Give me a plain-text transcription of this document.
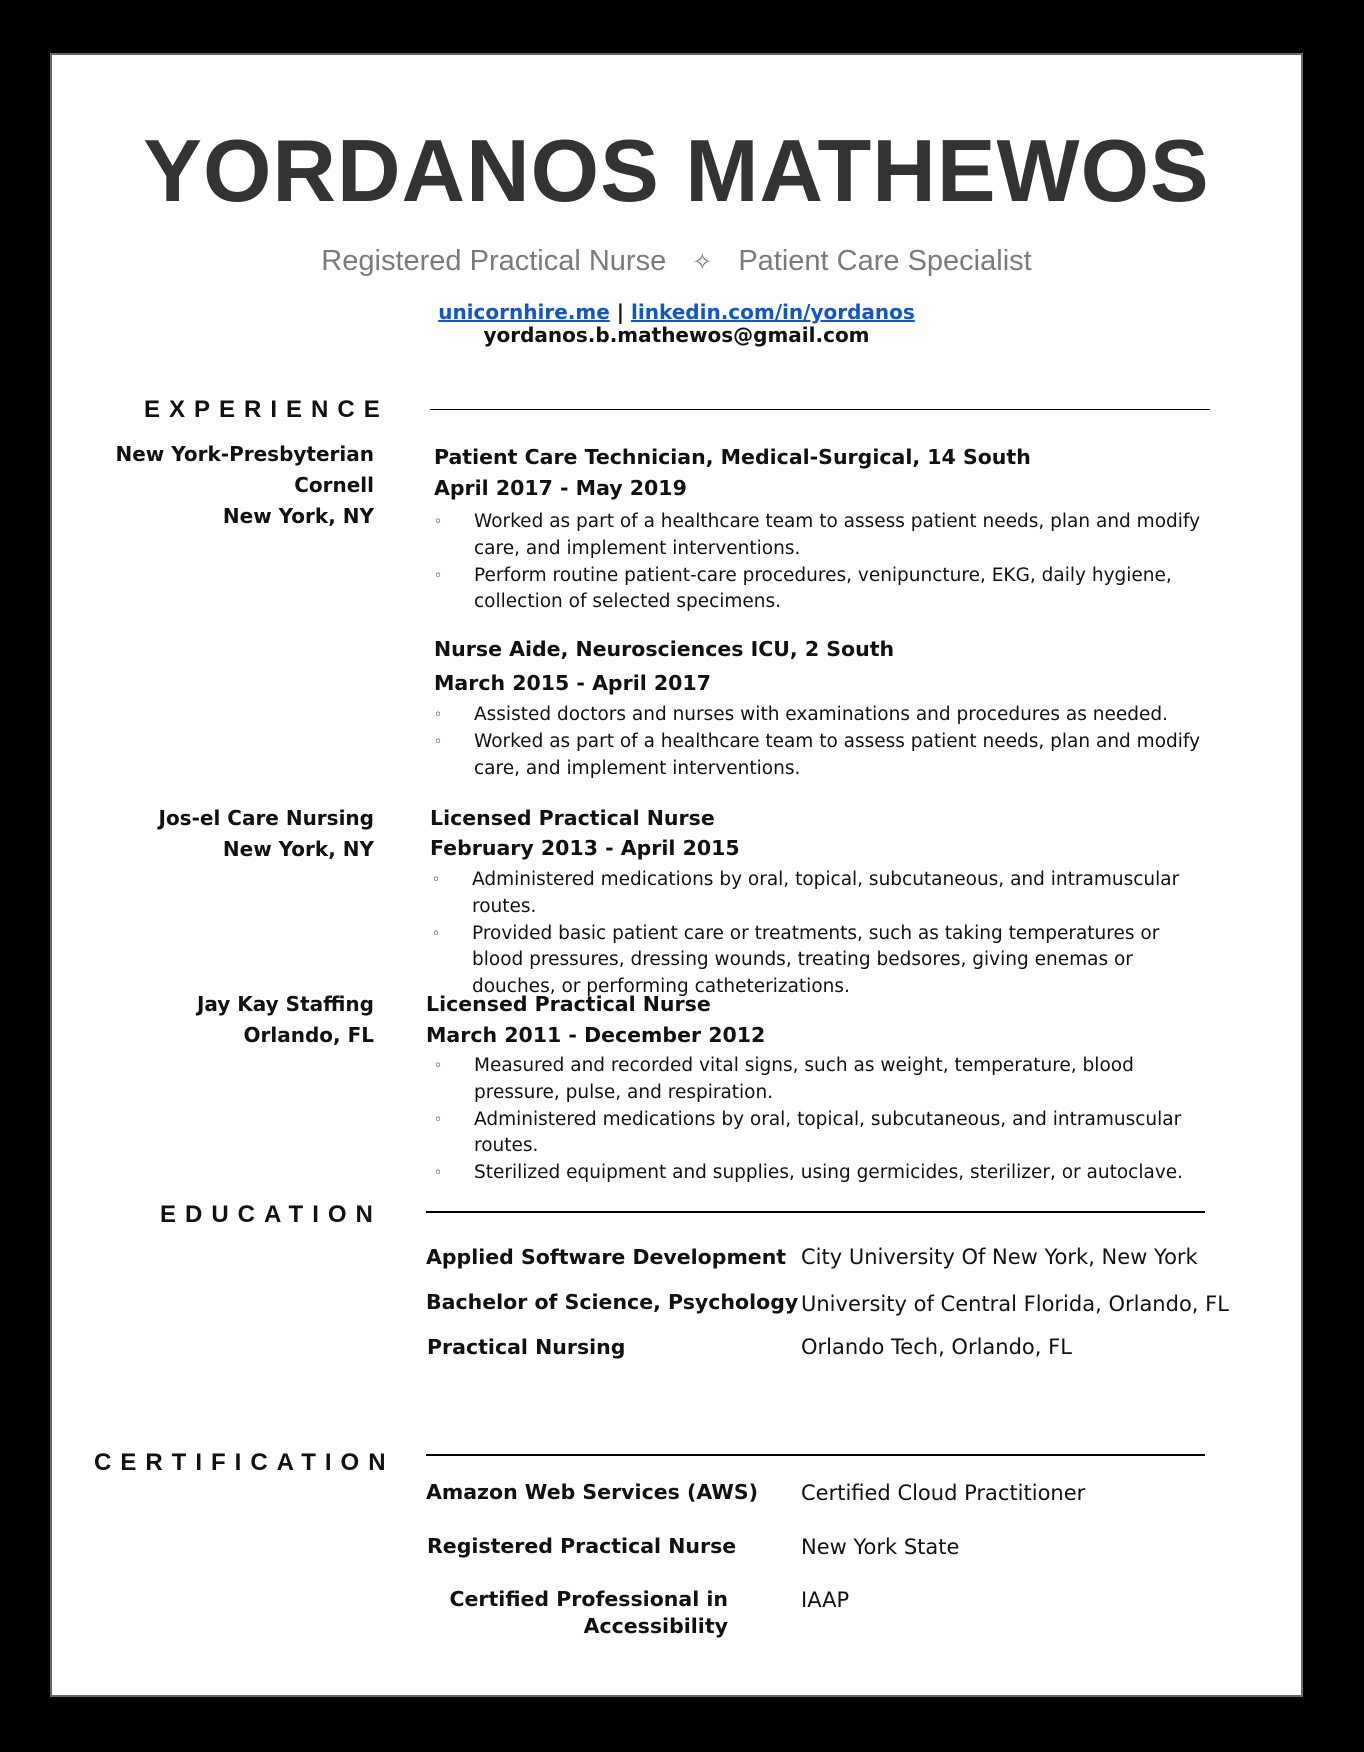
YORDANOS MATHEWOS
Registered Practical Nurse ✧ Patient Care Specialist
unicornhire.me | linkedin.com/in/yordanos
yordanos.b.mathewos@gmail.com
EXPERIENCE
New York-Presbyterian
Cornell
New York, NY
Patient Care Technician, Medical-Surgical, 14 South
April 2017 - May 2019
◦ Worked as part of a healthcare team to assess patient needs, plan and modify care, and implement interventions.
◦ Perform routine patient-care procedures, venipuncture, EKG, daily hygiene, collection of selected specimens.
Nurse Aide, Neurosciences ICU, 2 South
March 2015 - April 2017
◦ Assisted doctors and nurses with examinations and procedures as needed.
◦ Worked as part of a healthcare team to assess patient needs, plan and modify care, and implement interventions.
Jos-el Care Nursing
New York, NY
Licensed Practical Nurse
February 2013 - April 2015
◦ Administered medications by oral, topical, subcutaneous, and intramuscular routes.
◦ Provided basic patient care or treatments, such as taking temperatures or blood pressures, dressing wounds, treating bedsores, giving enemas or douches, or performing catheterizations.
Jay Kay Staffing
Orlando, FL
Licensed Practical Nurse
March 2011 - December 2012
◦ Measured and recorded vital signs, such as weight, temperature, blood pressure, pulse, and respiration.
◦ Administered medications by oral, topical, subcutaneous, and intramuscular routes.
◦ Sterilized equipment and supplies, using germicides, sterilizer, or autoclave.
EDUCATION
Applied Software Development City University Of New York, New York
Bachelor of Science, Psychology University of Central Florida, Orlando, FL
Practical Nursing	Orlando Tech, Orlando, FL
CERTIFICATION
Amazon Web Services (AWS) Certified Cloud Practitioner
Registered Practical Nurse	New York State
Certified Professional in
Accessibility
IAAP
